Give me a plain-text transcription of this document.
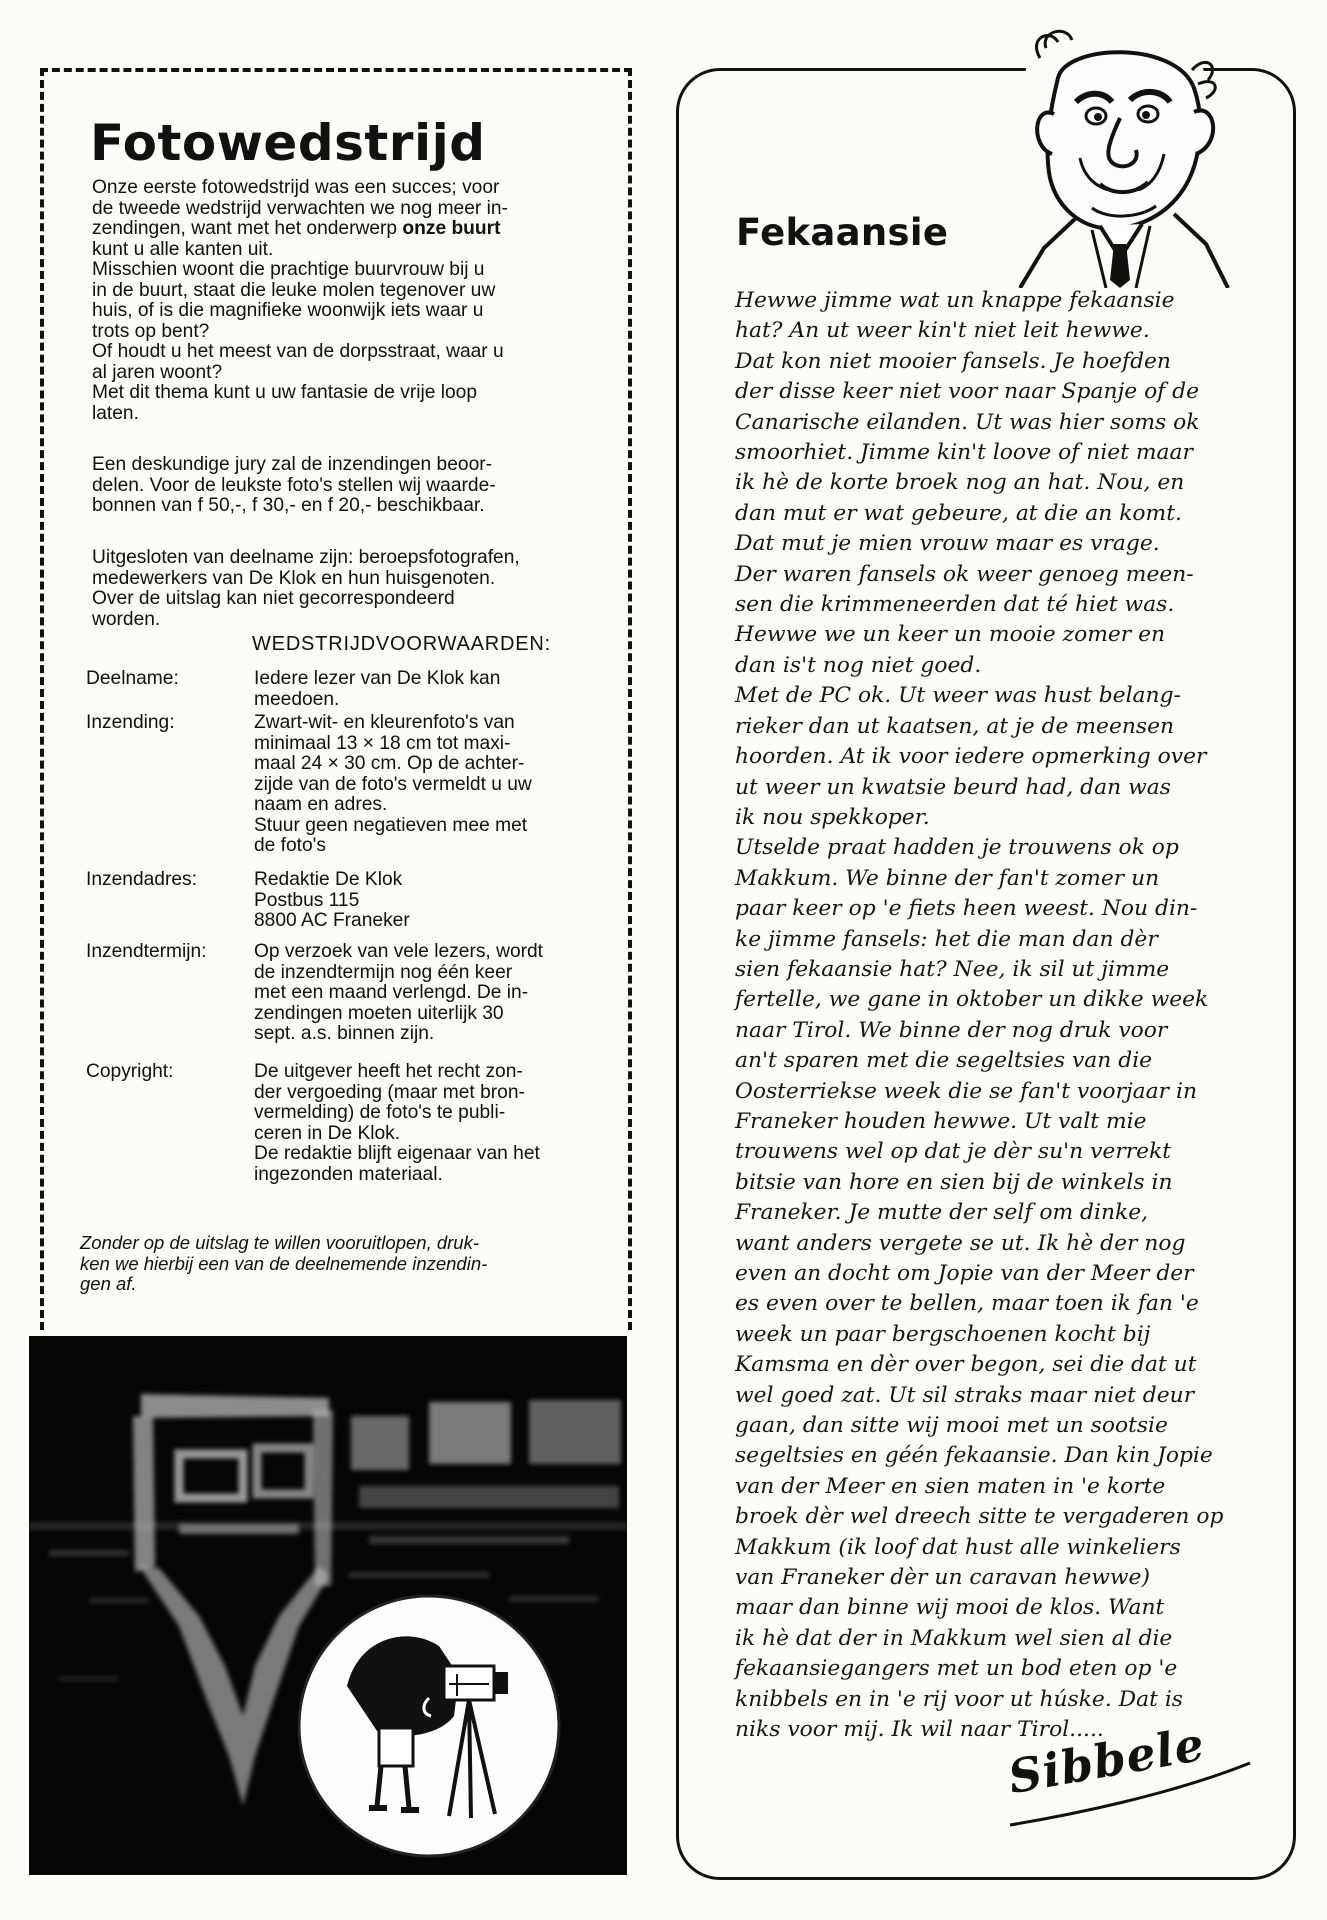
Fotowedstrijd

Onze eerste fotowedstrijd was een succes; voor

de tweede wedstrijd verwachten we nog meer in-

zendingen, want met het onderwerp onze buurt

kunt u alle kanten uit.

Misschien woont die prachtige buurvrouw bij u

in de buurt, staat die leuke molen tegenover uw

huis, of is die magnifieke woonwijk iets waar u

trots op bent?

Of houdt u het meest van de dorpsstraat, waar u

al jaren woont?

Met dit thema kunt u uw fantasie de vrije loop

laten.

Een deskundige jury zal de inzendingen beoor-

delen. Voor de leukste foto's stellen wij waarde-

bonnen van f 50,-, f 30,- en f 20,- beschikbaar.

Uitgesloten van deelname zijn: beroepsfotografen,

medewerkers van De Klok en hun huisgenoten.

Over de uitslag kan niet gecorrespondeerd

worden.

WEDSTRIJDVOORWAARDEN:

Deelname:	Iedere lezer van De Klok kan

meedoen.

Inzending:	Zwart-wit- en kleurenfoto's van

minimaal 13 × 18 cm tot maxi-

maal 24 × 30 cm. Op de achter-

zijde van de foto's vermeldt u uw

naam en adres.

Stuur geen negatieven mee met

de foto's

Inzendadres:	Redaktie De Klok

Postbus 115

8800 AC Franeker

Inzendtermijn: Op verzoek van vele lezers, wordt

de inzendtermijn nog één keer

met een maand verlengd. De in-

zendingen moeten uiterlijk 30

sept. a.s. binnen zijn.

Copyright:	De uitgever heeft het recht zon-

der vergoeding (maar met bron-

vermelding) de foto's te publi-

ceren in De Klok.

De redaktie blijft eigenaar van het

ingezonden materiaal.

Zonder op de uitslag te willen vooruitlopen, druk-

ken we hierbij een van de deelnemende inzendin-

gen af.

Fekaansie
Hewwe jimme wat un knappe fekaansie
hat? An ut weer kin't niet leit hewwe.
Dat kon niet mooier fansels. Je hoefden
der disse keer niet voor naar Spanje of de
Canarische eilanden. Ut was hier soms ok
smoorhiet. Jimme kin't loove of niet maar
ik hè de korte broek nog an hat. Nou, en
dan mut er wat gebeure, at die an komt.
Dat mut je mien vrouw maar es vrage.
Der waren fansels ok weer genoeg meen-
sen die krimmeneerden dat té hiet was.
Hewwe we un keer un mooie zomer en
dan is't nog niet goed.
Met de PC ok. Ut weer was hust belang-
rieker dan ut kaatsen, at je de meensen
hoorden. At ik voor iedere opmerking over
ut weer un kwatsie beurd had, dan was
ik nou spekkoper.
Utselde praat hadden je trouwens ok op
Makkum. We binne der fan't zomer un
paar keer op 'e fiets heen weest. Nou din-
ke jimme fansels: het die man dan dèr
sien fekaansie hat? Nee, ik sil ut jimme
fertelle, we gane in oktober un dikke week
naar Tirol. We binne der nog druk voor
an't sparen met die segeltsies van die
Oosterriekse week die se fan't voorjaar in
Franeker houden hewwe. Ut valt mie
trouwens wel op dat je dèr su'n verrekt
bitsie van hore en sien bij de winkels in
Franeker. Je mutte der self om dinke,
want anders vergete se ut. Ik hè der nog
even an docht om Jopie van der Meer der
es even over te bellen, maar toen ik fan 'e
week un paar bergschoenen kocht bij
Kamsma en dèr over begon, sei die dat ut
wel goed zat. Ut sil straks maar niet deur
gaan, dan sitte wij mooi met un sootsie
segeltsies en géén fekaansie. Dan kin Jopie
van der Meer en sien maten in 'e korte
broek dèr wel dreech sitte te vergaderen op
Makkum (ik loof dat hust alle winkeliers
van Franeker dèr un caravan hewwe)
maar dan binne wij mooi de klos. Want
ik hè dat der in Makkum wel sien al die
fekaansiegangers met un bod eten op 'e
knibbels en in 'e rij voor ut húske. Dat is
niks voor mij. Ik wil naar Tirol.....
Sibbele
